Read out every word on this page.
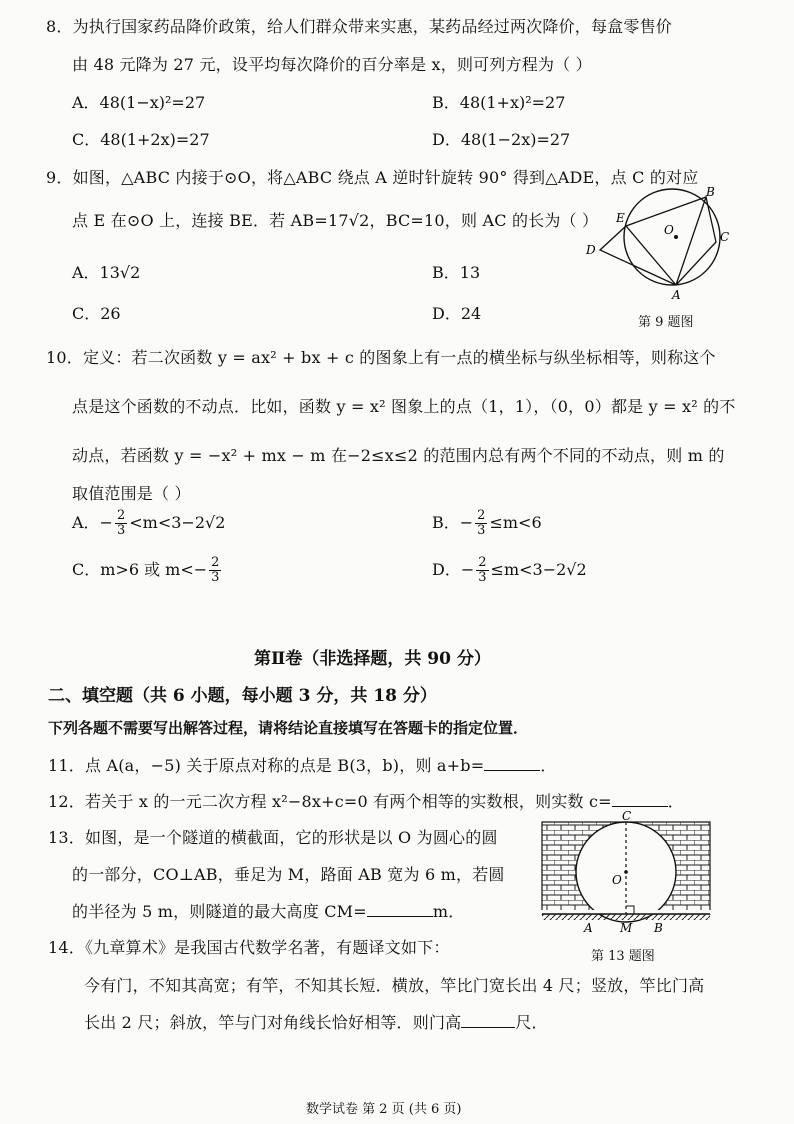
8．为执行国家药品降价政策，给人们群众带来实惠，某药品经过两次降价，每盒零售价
由 48 元降为 27 元，设平均每次降价的百分率是 x，则可列方程为（ ）
A．48(1−x)²=27	B．48(1+x)²=27
C．48(1+2x)=27	D．48(1−2x)=27
9．如图，△ABC 内接于⊙O，将△ABC 绕点 A 逆时针旋转 90° 得到△ADE，点 C 的对应
点 E 在⊙O 上，连接 BE．若 AB=17√2，BC=10，则 AC 的长为（ ）
A．13√2	B．13
C．26	D．24
B
E
O	C
D
A
第 9 题图
10．定义：若二次函数 y = ax² + bx + c 的图象上有一点的横坐标与纵坐标相等，则称这个
点是这个函数的不动点．比如，函数 y = x² 图象上的点（1，1），（0，0）都是 y = x² 的不
动点，若函数 y = −x² + mx − m 在−2≤x≤2 的范围内总有两个不同的不动点，则 m 的
取值范围是（ ）
A．− $\frac{2}{3} <m<3-2√2$	B．− $\frac{2}{3} \le m<6$
C．m>6 或 $m<- \frac{2}{3}$	D．− $\frac{2}{3} \le m<3-2√2$
第Ⅱ卷（非选择题，共 90 分）
二、填空题（共 6 小题，每小题 3 分，共 18 分）
下列各题不需要写出解答过程，请将结论直接填写在答题卡的指定位置．
11．点 A(a，−5) 关于原点对称的点是 B(3，b)，则 a+b=	．
12．若关于 x 的一元二次方程 x²−8x+c=0 有两个相等的实数根，则实数 c=	．
13．如图，是一个隧道的横截面，它的形状是以 O 为圆心的圆
的一部分，CO⊥AB，垂足为 M，路面 AB 宽为 6 m，若圆
的半径为 5 m，则隧道的最大高度 CM=	m．
C
O
A M B
第 13 题图
14．《九章算术》是我国古代数学名著，有题译文如下：
今有门，不知其高宽；有竿，不知其长短．横放，竿比门宽长出 4 尺；竖放，竿比门高
长出 2 尺；斜放，竿与门对角线长恰好相等．则门高	尺．
数学试卷 第 2 页 (共 6 页)
